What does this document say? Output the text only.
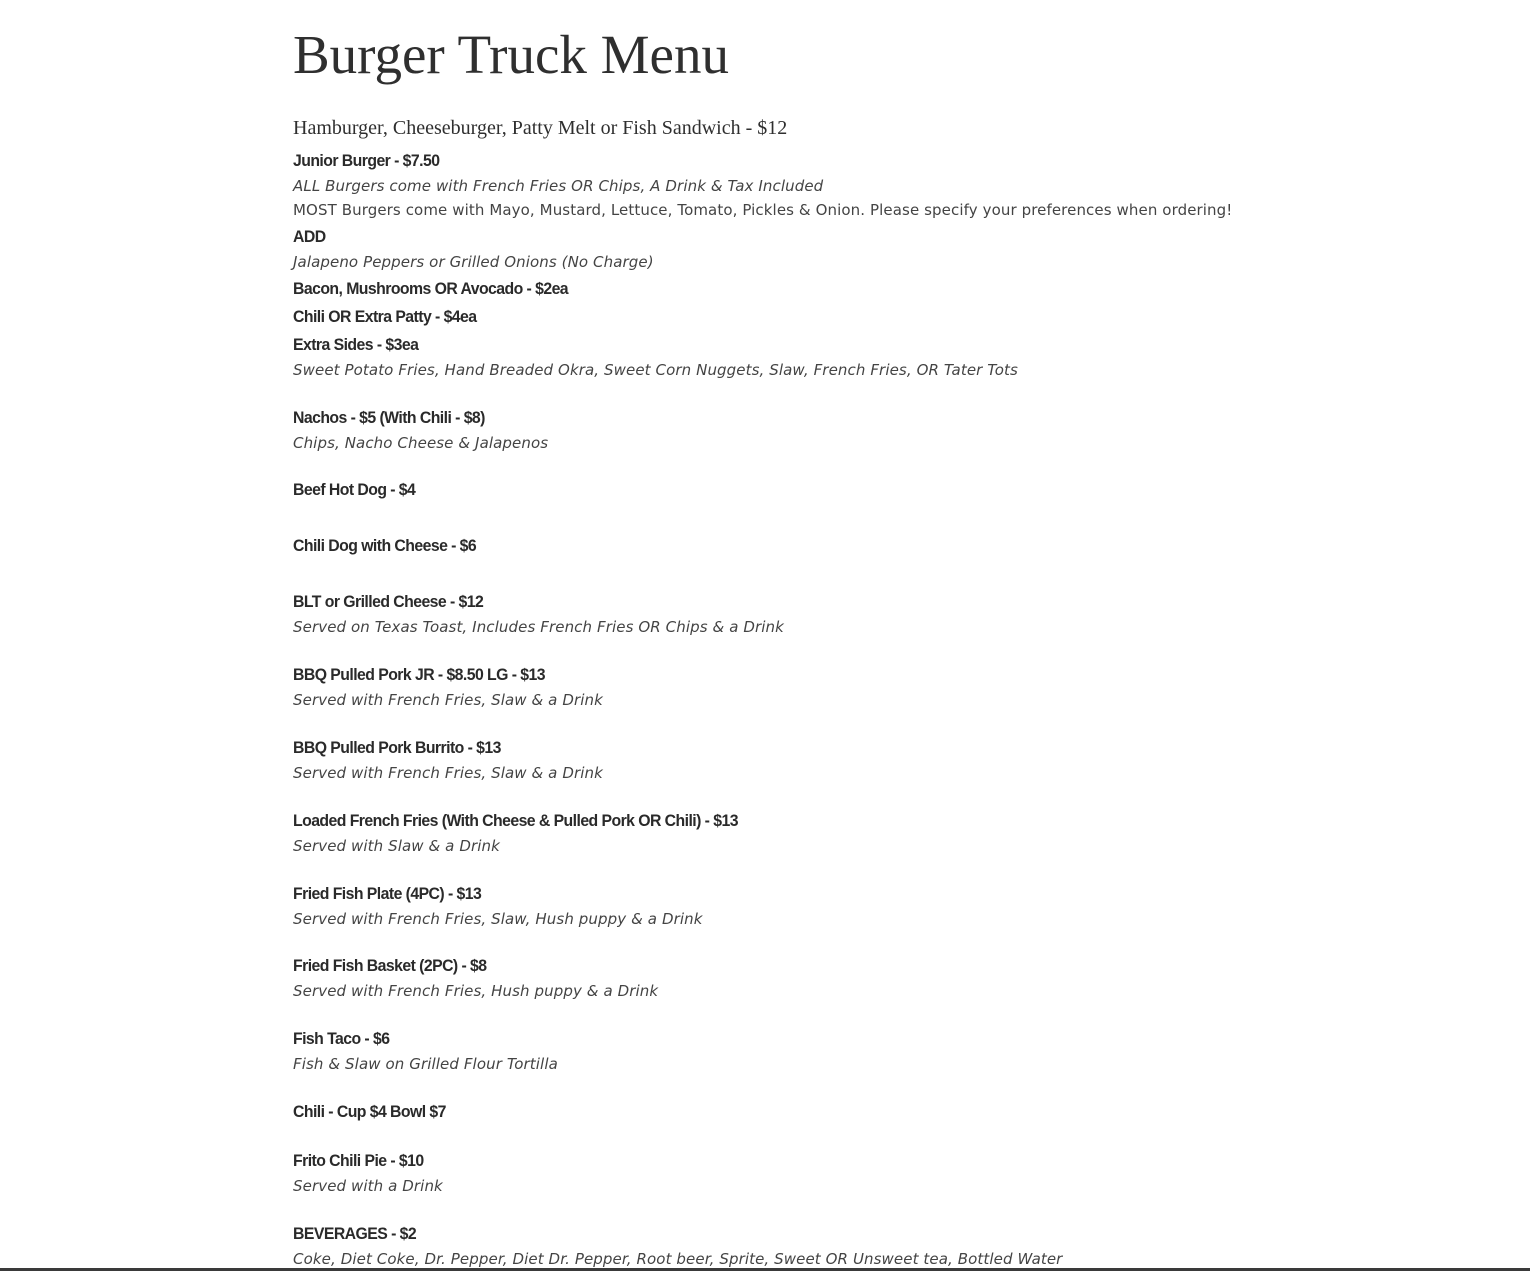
Burger Truck Menu
Hamburger, Cheeseburger, Patty Melt or Fish Sandwich - $12
Junior Burger - $7.50
ALL Burgers come with French Fries OR Chips, A Drink & Tax Included
MOST Burgers come with Mayo, Mustard, Lettuce, Tomato, Pickles & Onion. Please specify your preferences when ordering!
ADD
Jalapeno Peppers or Grilled Onions (No Charge)
Bacon, Mushrooms OR Avocado - $2ea
Chili OR Extra Patty - $4ea
Extra Sides - $3ea
Sweet Potato Fries, Hand Breaded Okra, Sweet Corn Nuggets, Slaw, French Fries, OR Tater Tots
Nachos - $5 (With Chili - $8)
Chips, Nacho Cheese & Jalapenos
Beef Hot Dog - $4
Chili Dog with Cheese - $6
BLT or Grilled Cheese - $12
Served on Texas Toast, Includes French Fries OR Chips & a Drink
BBQ Pulled Pork JR - $8.50 LG - $13
Served with French Fries, Slaw & a Drink
BBQ Pulled Pork Burrito - $13
Served with French Fries, Slaw & a Drink
Loaded French Fries (With Cheese & Pulled Pork OR Chili) - $13
Served with Slaw & a Drink
Fried Fish Plate (4PC) - $13
Served with French Fries, Slaw, Hush puppy & a Drink
Fried Fish Basket (2PC) - $8
Served with French Fries, Hush puppy & a Drink
Fish Taco - $6
Fish & Slaw on Grilled Flour Tortilla
Chili - Cup $4 Bowl $7
Frito Chili Pie - $10
Served with a Drink
BEVERAGES - $2
Coke, Diet Coke, Dr. Pepper, Diet Dr. Pepper, Root beer, Sprite, Sweet OR Unsweet tea, Bottled Water
